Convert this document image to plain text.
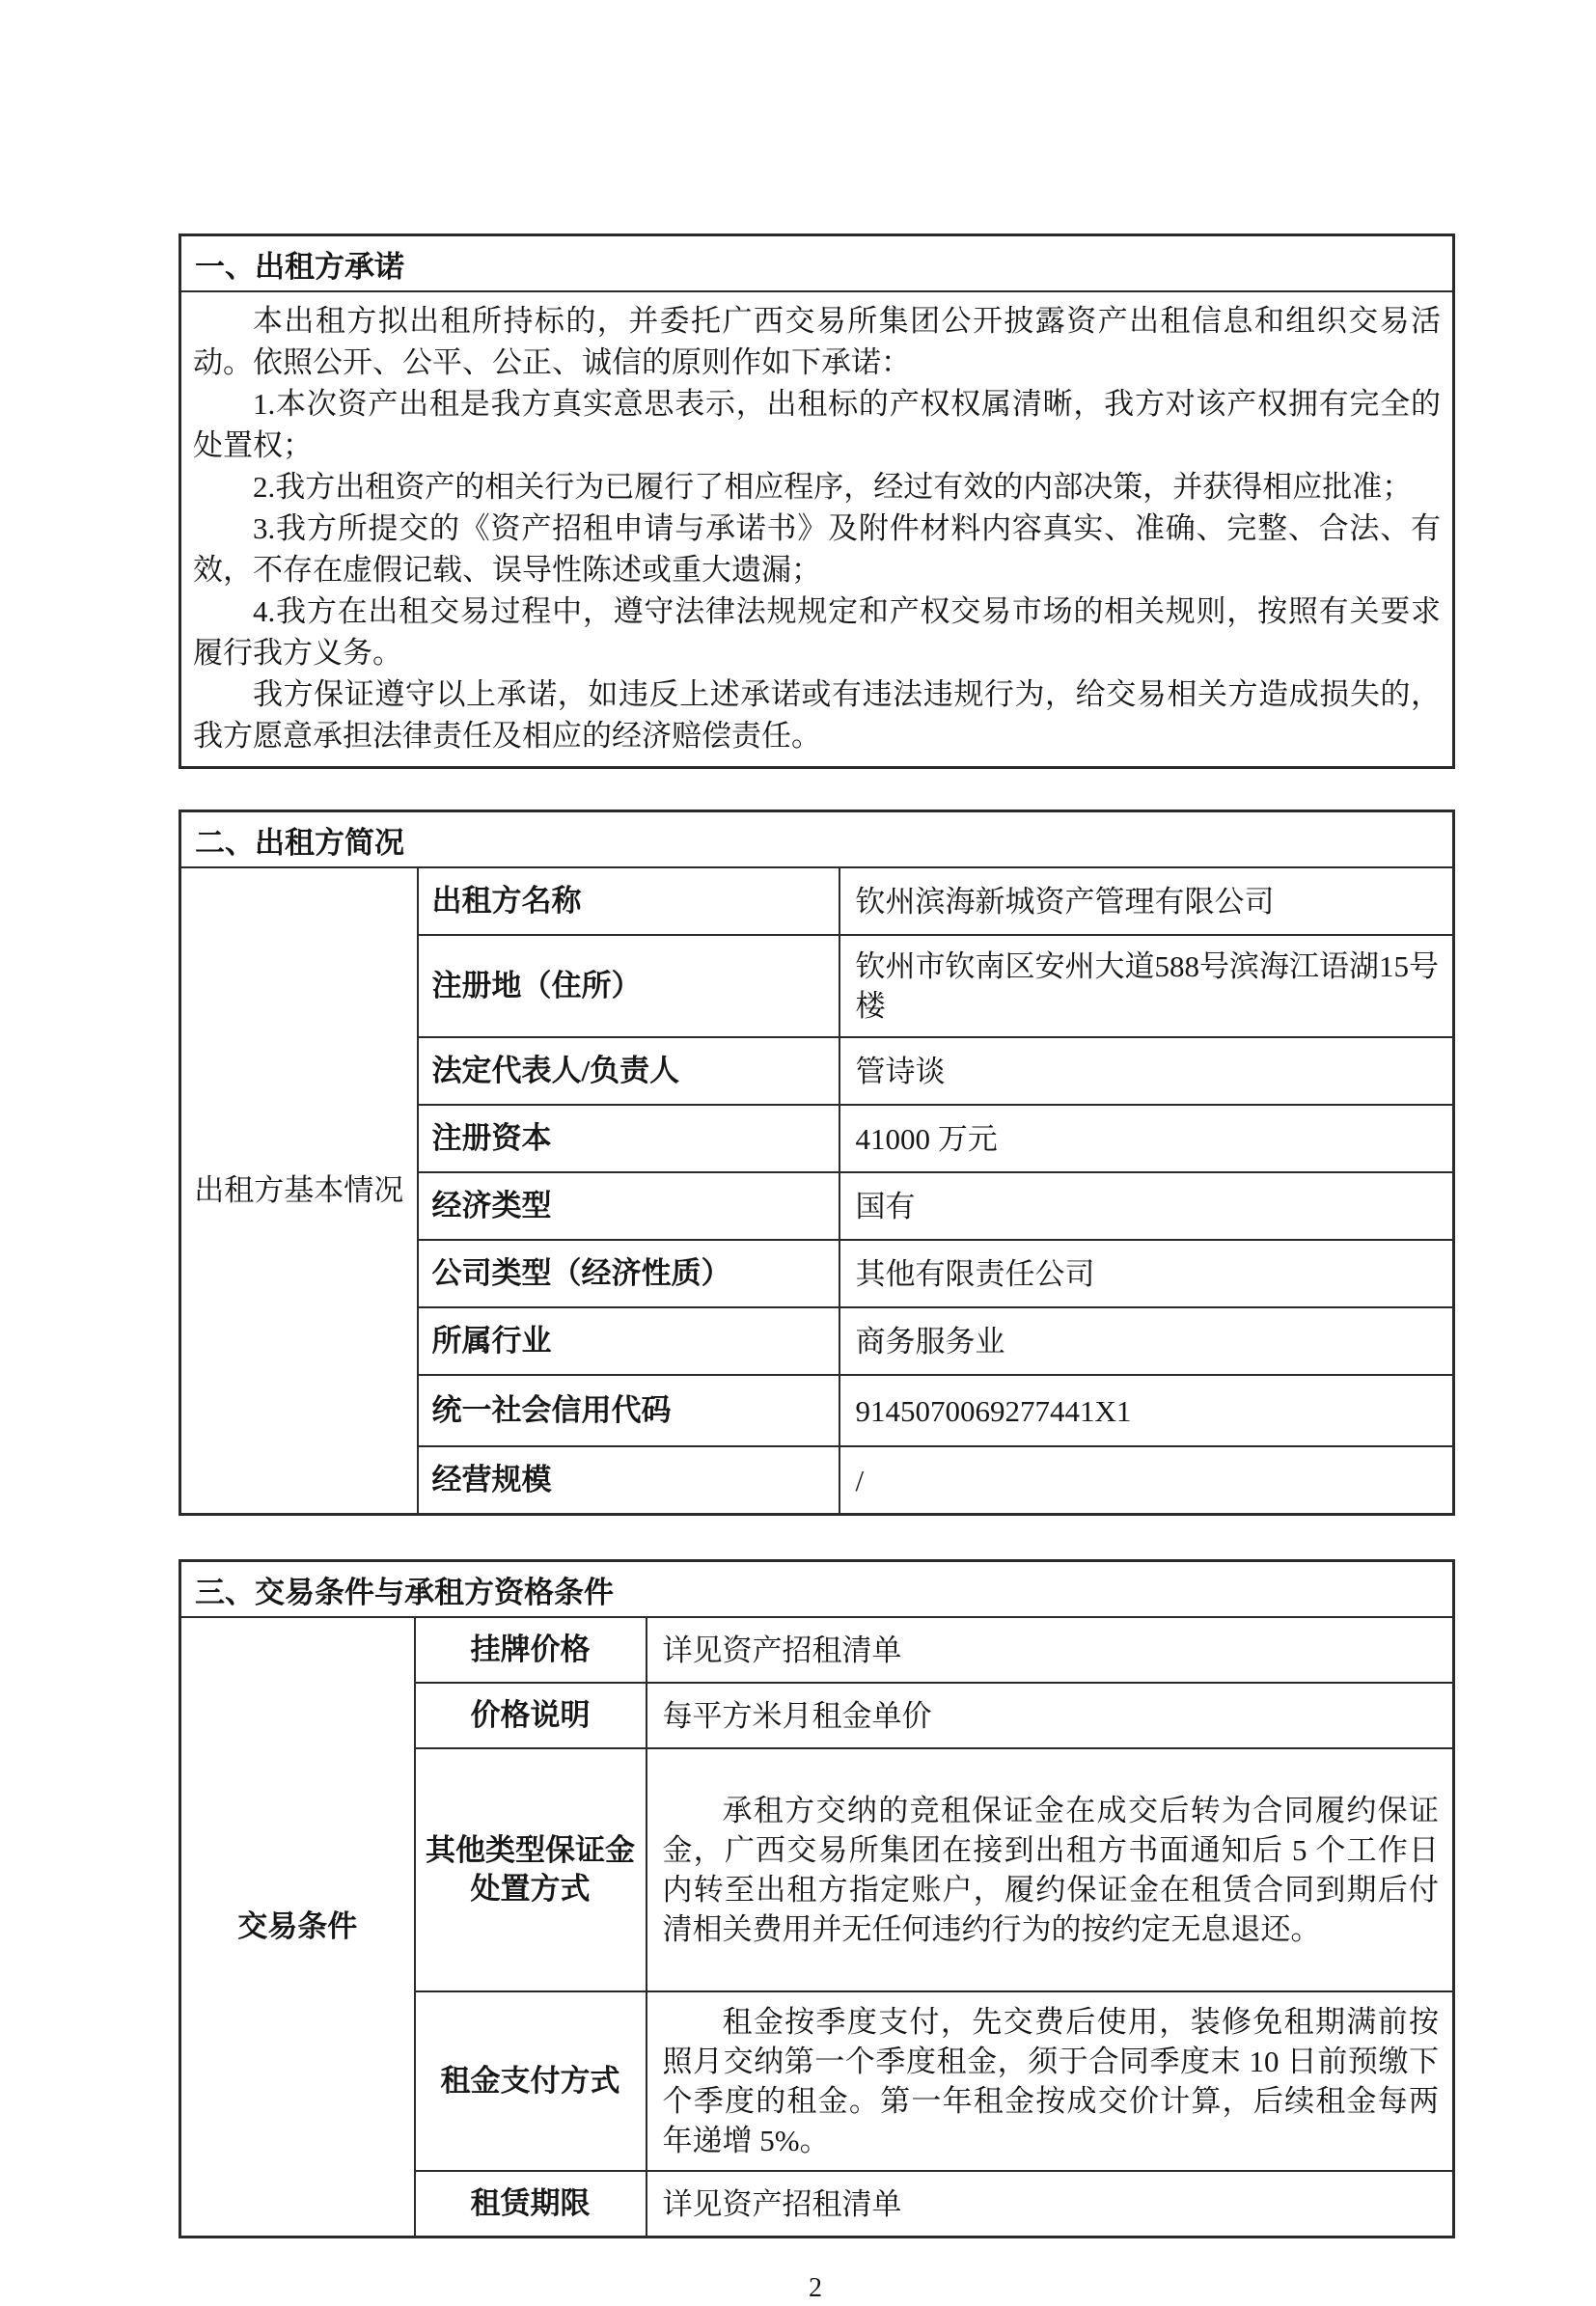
一、出租方承诺

本出租方拟出租所持标的，并委托广西交易所集团公开披露资产出租信息和组织交易活动。依照公开、公平、公正、诚信的原则作如下承诺：

1.本次资产出租是我方真实意思表示，出租标的产权权属清晰，我方对该产权拥有完全的处置权；

2.我方出租资产的相关行为已履行了相应程序，经过有效的内部决策，并获得相应批准；

3.我方所提交的《资产招租申请与承诺书》及附件材料内容真实、准确、完整、合法、有效，不存在虚假记载、误导性陈述或重大遗漏；

4.我方在出租交易过程中，遵守法律法规规定和产权交易市场的相关规则，按照有关要求履行我方义务。

我方保证遵守以上承诺，如违反上述承诺或有违法违规行为，给交易相关方造成损失的，我方愿意承担法律责任及相应的经济赔偿责任。

二、出租方简况		
出租方基本情况	出租方名称	钦州滨海新城资产管理有限公司
	注册地（住所）	钦州市钦南区安州大道588号滨海江语湖15号楼
	法定代表人/负责人	管诗谈
	注册资本	41000 万元
	经济类型	国有
	公司类型（经济性质）	其他有限责任公司
	所属行业	商务服务业
	统一社会信用代码	9145070069277441X1
	经营规模	/
三、交易条件与承租方资格条件		
交易条件	挂牌价格	详见资产招租清单
	价格说明	每平方米月租金单价
	其他类型保证金处置方式	承租方交纳的竞租保证金在成交后转为合同履约保证金，广西交易所集团在接到出租方书面通知后 5 个工作日内转至出租方指定账户，履约保证金在租赁合同到期后付清相关费用并无任何违约行为的按约定无息退还。
	租金支付方式	租金按季度支付，先交费后使用，装修免租期满前按照月交纳第一个季度租金，须于合同季度末 10 日前预缴下个季度的租金。第一年租金按成交价计算，后续租金每两年递增 5%。
	租赁期限	详见资产招租清单
2
